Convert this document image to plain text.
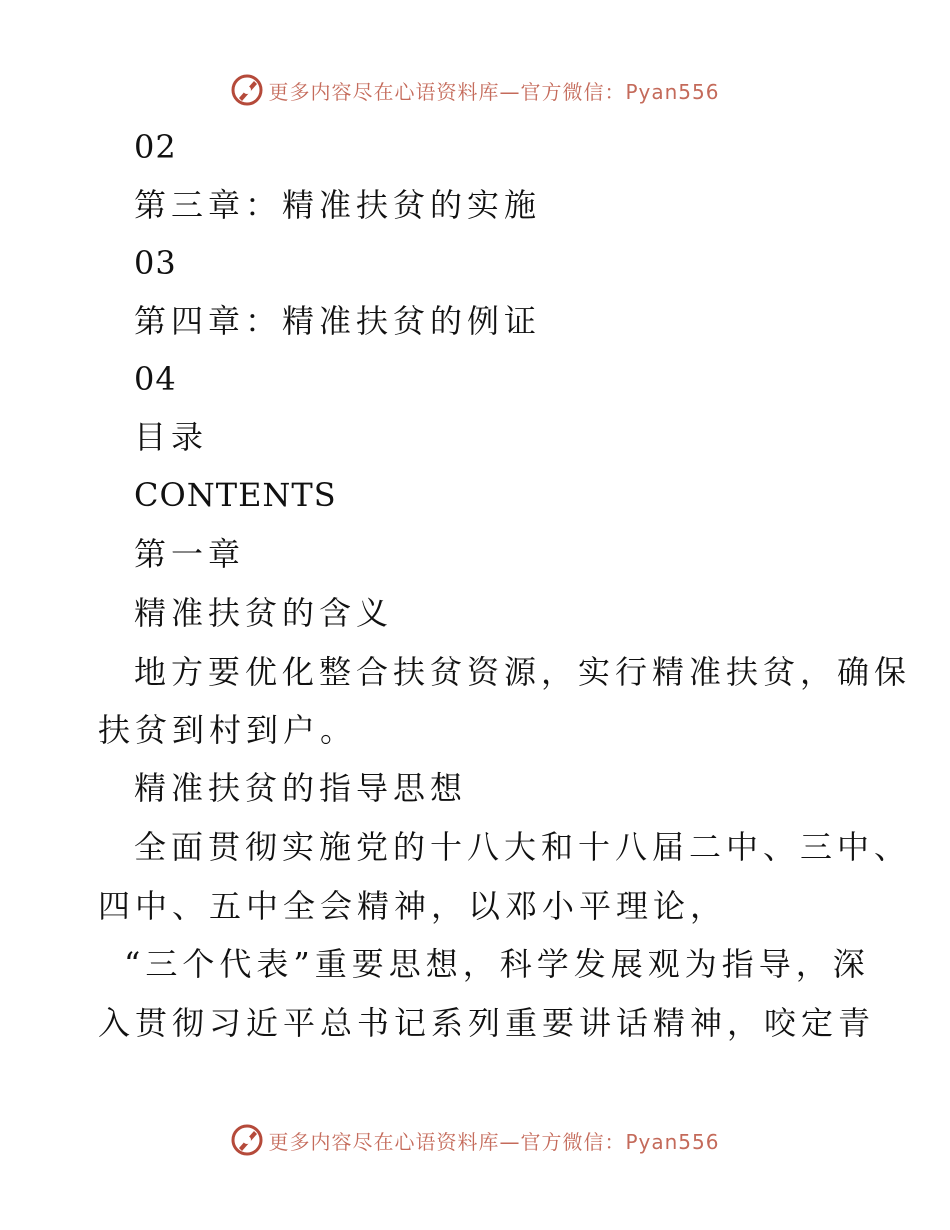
更多内容尽在心语资料库—官方微信：Pyan556
02
第三章：精准扶贫的实施
03
第四章：精准扶贫的例证
04
目录
CONTENTS
第一章
精准扶贫的含义
地方要优化整合扶贫资源，实行精准扶贫，确保
扶贫到村到户。
精准扶贫的指导思想
全面贯彻实施党的十八大和十八届二中、三中、
四中、五中全会精神，以邓小平理论，
“三个代表”重要思想，科学发展观为指导，深
入贯彻习近平总书记系列重要讲话精神，咬定青
更多内容尽在心语资料库—官方微信：Pyan556
